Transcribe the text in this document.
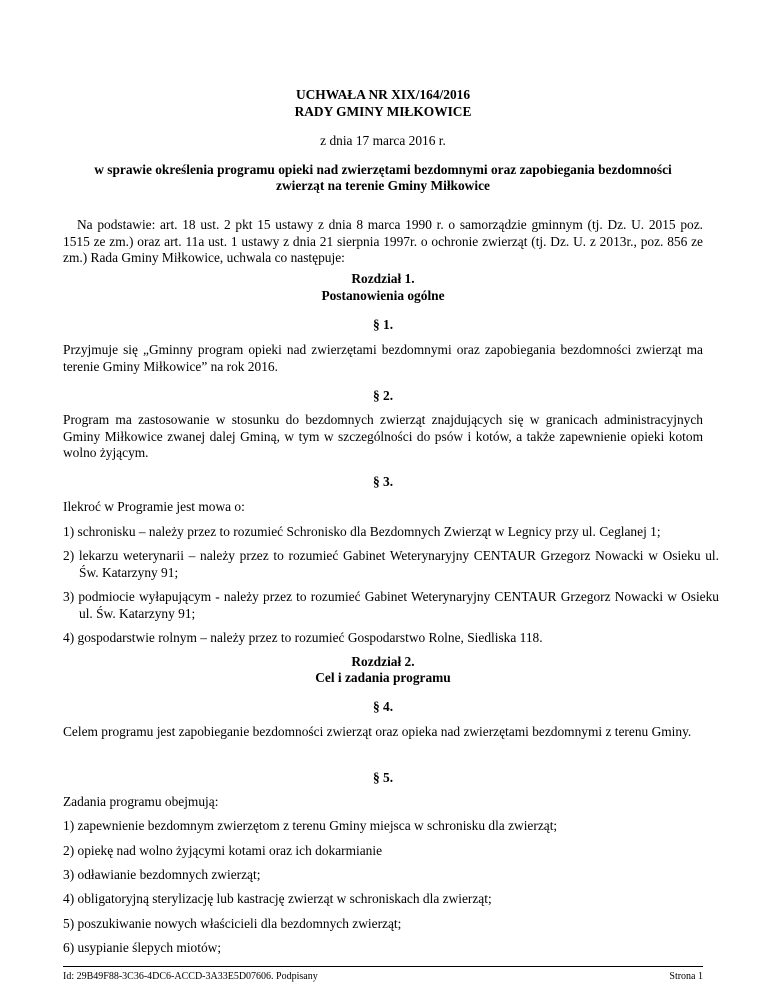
UCHWAŁA NR XIX/164/2016

RADY GMINY MIŁKOWICE

z dnia 17 marca 2016 r.

w sprawie określenia programu opieki nad zwierzętami bezdomnymi oraz zapobiegania bezdomności

zwierząt na terenie Gminy Miłkowice

Na podstawie: art. 18 ust. 2 pkt 15 ustawy z dnia 8 marca 1990 r. o samorządzie gminnym (tj. Dz. U. 2015 poz. 1515 ze zm.) oraz art. 11a ust. 1 ustawy z dnia 21 sierpnia 1997r. o ochronie zwierząt (tj. Dz. U. z 2013r., poz. 856 ze zm.) Rada Gminy Miłkowice, uchwala co następuje:

Rozdział 1.

Postanowienia ogólne

§ 1.

Przyjmuje się „Gminny program opieki nad zwierzętami bezdomnymi oraz zapobiegania bezdomności zwierząt ma terenie Gminy Miłkowice” na rok 2016.

§ 2.

Program ma zastosowanie w stosunku do bezdomnych zwierząt znajdujących się w granicach administracyjnych Gminy Miłkowice zwanej dalej Gminą, w tym w szczególności do psów i kotów, a także zapewnienie opieki kotom wolno żyjącym.

§ 3.

Ilekroć w Programie jest mowa o:

1) schronisku – należy przez to rozumieć Schronisko dla Bezdomnych Zwierząt w Legnicy przy ul. Ceglanej 1;

2) lekarzu weterynarii – należy przez to rozumieć Gabinet Weterynaryjny CENTAUR Grzegorz Nowacki w Osieku ul. Św. Katarzyny 91;

3) podmiocie wyłapującym - należy przez to rozumieć Gabinet Weterynaryjny CENTAUR Grzegorz Nowacki w Osieku ul. Św. Katarzyny 91;

4) gospodarstwie rolnym – należy przez to rozumieć Gospodarstwo Rolne, Siedliska 118.

Rozdział 2.

Cel i zadania programu

§ 4.

Celem programu jest zapobieganie bezdomności zwierząt oraz opieka nad zwierzętami bezdomnymi z terenu Gminy.

§ 5.

Zadania programu obejmują:

1) zapewnienie bezdomnym zwierzętom z terenu Gminy miejsca w schronisku dla zwierząt;

2) opiekę nad wolno żyjącymi kotami oraz ich dokarmianie

3) odławianie bezdomnych zwierząt;

4) obligatoryjną sterylizację lub kastrację zwierząt w schroniskach dla zwierząt;

5) poszukiwanie nowych właścicieli dla bezdomnych zwierząt;

6) usypianie ślepych miotów;

Id: 29B49F88-3C36-4DC6-ACCD-3A33E5D07606. Podpisany	Strona 1
